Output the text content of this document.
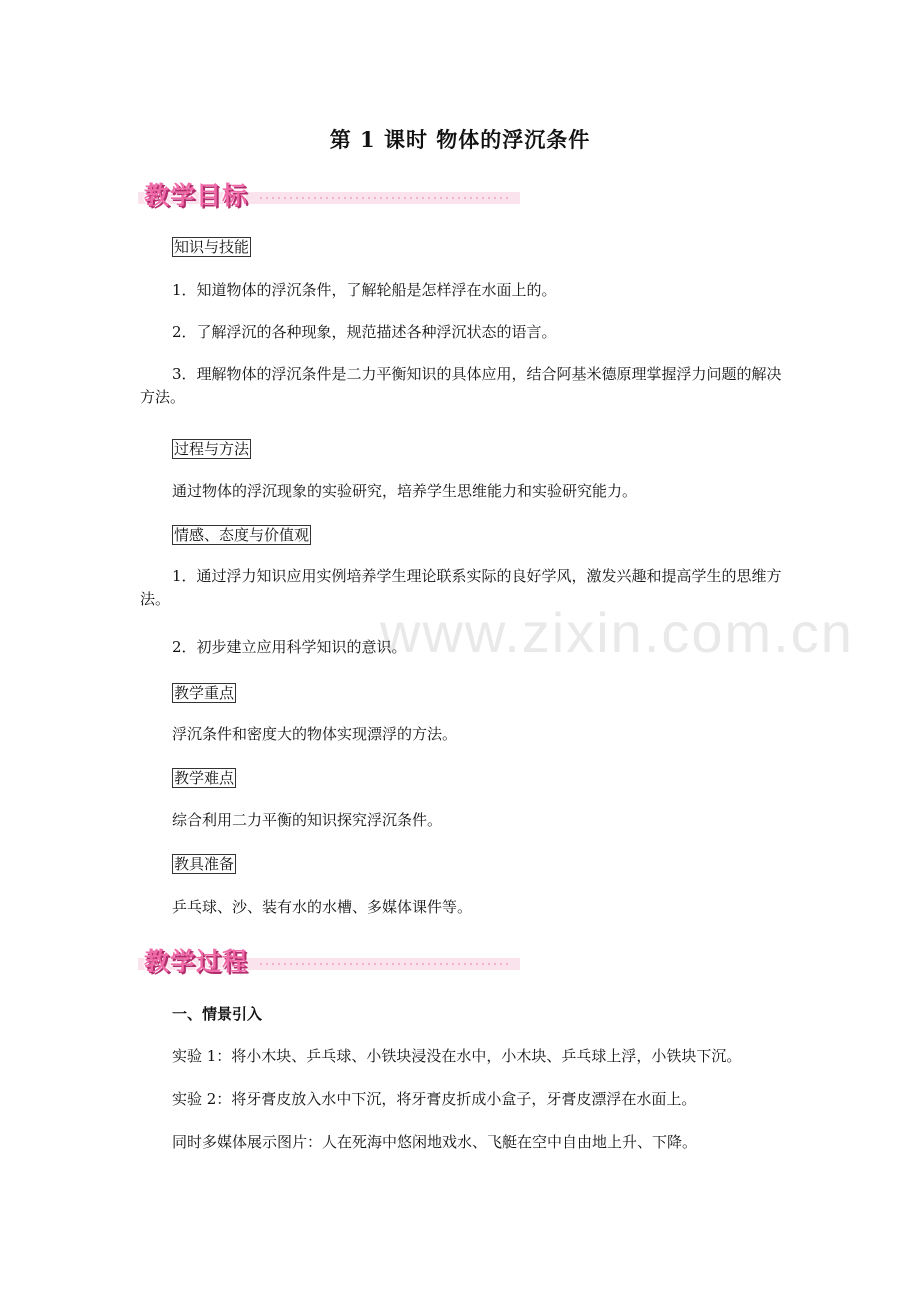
www.zixin.com.cn
第 1 课时 物体的浮沉条件
教学目标
知识与技能
1．知道物体的浮沉条件，了解轮船是怎样浮在水面上的。
2．了解浮沉的各种现象，规范描述各种浮沉状态的语言。
3．理解物体的浮沉条件是二力平衡知识的具体应用，结合阿基米德原理掌握浮力问题的解决方法。
过程与方法
通过物体的浮沉现象的实验研究，培养学生思维能力和实验研究能力。
情感、态度与价值观
1．通过浮力知识应用实例培养学生理论联系实际的良好学风，激发兴趣和提高学生的思维方法。
2．初步建立应用科学知识的意识。
教学重点
浮沉条件和密度大的物体实现漂浮的方法。
教学难点
综合利用二力平衡的知识探究浮沉条件。
教具准备
乒乓球、沙、装有水的水槽、多媒体课件等。
教学过程
一、情景引入
实验 1：将小木块、乒乓球、小铁块浸没在水中，小木块、乒乓球上浮，小铁块下沉。
实验 2：将牙膏皮放入水中下沉，将牙膏皮折成小盒子，牙膏皮漂浮在水面上。
同时多媒体展示图片：人在死海中悠闲地戏水、飞艇在空中自由地上升、下降。
